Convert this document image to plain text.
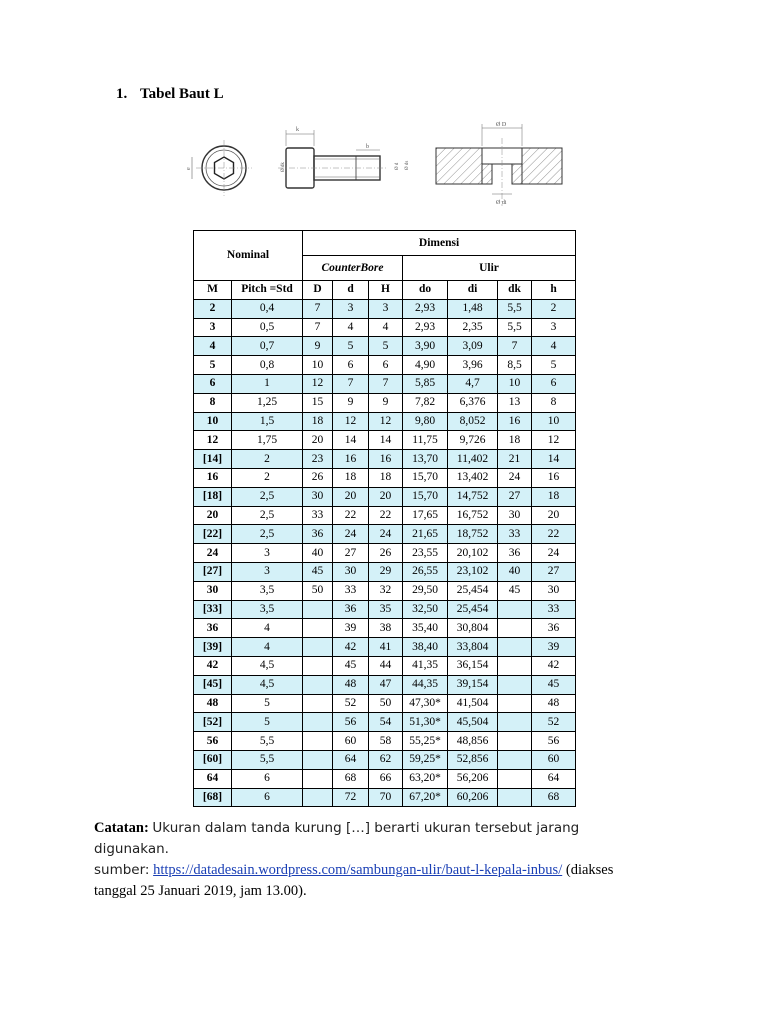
1. Tabel Baut L
e
k
b
Ø dk	Ø d Ø ds
Ø D
Ø di
Nominal		Dimensi						
		CounterBore			Ulir			
M	Pitch =Std	D	d	H	do	di	dk	h
2	0,4	7	3	3	2,93	1,48	5,5	2
3	0,5	7	4	4	2,93	2,35	5,5	3
4	0,7	9	5	5	3,90	3,09	7	4
5	0,8	10	6	6	4,90	3,96	8,5	5
6	1	12	7	7	5,85	4,7	10	6
8	1,25	15	9	9	7,82	6,376	13	8
10	1,5	18	12	12	9,80	8,052	16	10
12	1,75	20	14	14	11,75	9,726	18	12
[14]	2	23	16	16	13,70	11,402	21	14
16	2	26	18	18	15,70	13,402	24	16
[18]	2,5	30	20	20	15,70	14,752	27	18
20	2,5	33	22	22	17,65	16,752	30	20
[22]	2,5	36	24	24	21,65	18,752	33	22
24	3	40	27	26	23,55	20,102	36	24
[27]	3	45	30	29	26,55	23,102	40	27
30	3,5	50	33	32	29,50	25,454	45	30
[33]	3,5		36	35	32,50	25,454		33
36	4		39	38	35,40	30,804		36
[39]	4		42	41	38,40	33,804		39
42	4,5		45	44	41,35	36,154		42
[45]	4,5		48	47	44,35	39,154		45
48	5		52	50	47,30*	41,504		48
[52]	5		56	54	51,30*	45,504		52
56	5,5		60	58	55,25*	48,856		56
[60]	5,5		64	62	59,25*	52,856		60
64	6		68	66	63,20*	56,206		64
[68]	6		72	70	67,20*	60,206		68
Catatan: Ukuran dalam tanda kurung […] berarti ukuran tersebut jarang digunakan.
sumber: https://datadesain.wordpress.com/sambungan-ulir/baut-l-kepala-inbus/ (diakses
tanggal 25 Januari 2019, jam 13.00).
